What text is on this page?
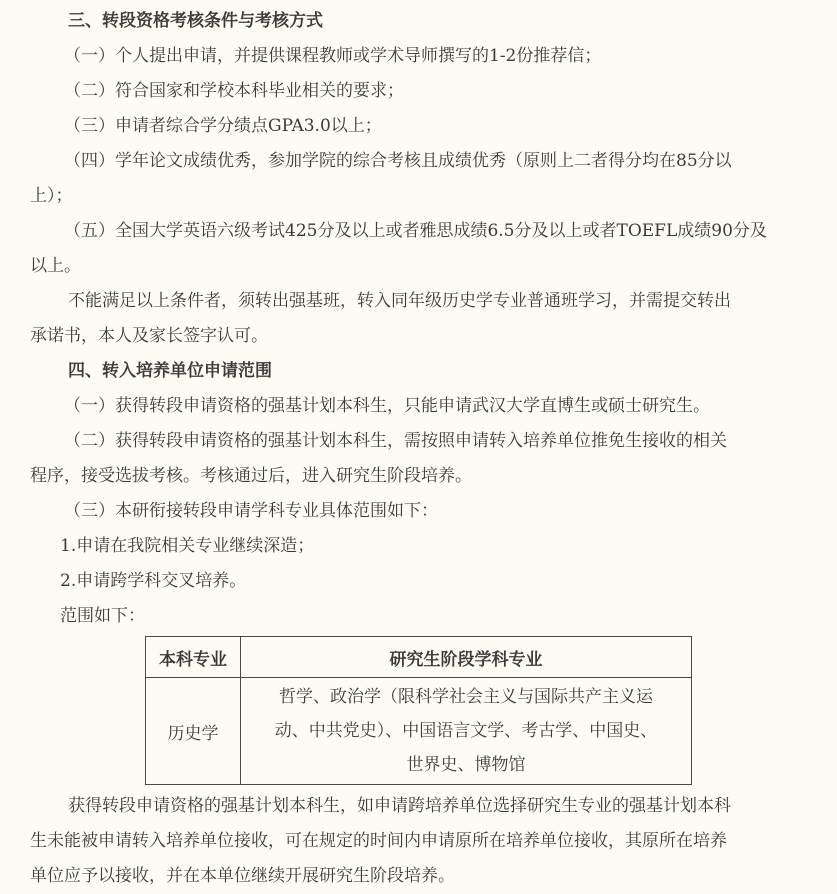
三、转段资格考核条件与考核方式
（一）个人提出申请，并提供课程教师或学术导师撰写的1-2份推荐信；
（二）符合国家和学校本科毕业相关的要求；
（三）申请者综合学分绩点GPA3.0以上；
（四）学年论文成绩优秀，参加学院的综合考核且成绩优秀（原则上二者得分均在85分以
上）；
（五）全国大学英语六级考试425分及以上或者雅思成绩6.5分及以上或者TOEFL成绩90分及
以上。
不能满足以上条件者，须转出强基班，转入同年级历史学专业普通班学习，并需提交转出
承诺书，本人及家长签字认可。
四、转入培养单位申请范围
（一）获得转段申请资格的强基计划本科生，只能申请武汉大学直博生或硕士研究生。
（二）获得转段申请资格的强基计划本科生，需按照申请转入培养单位推免生接收的相关
程序，接受选拔考核。考核通过后，进入研究生阶段培养。
（三）本研衔接转段申请学科专业具体范围如下：
1.申请在我院相关专业继续深造；
2.申请跨学科交叉培养。
范围如下：
本科专业	研究生阶段学科专业
历史学	哲学、政治学（限科学社会主义与国际共产主义运
动、中共党史）、中国语言文学、考古学、中国史、
世界史、博物馆
获得转段申请资格的强基计划本科生，如申请跨培养单位选择研究生专业的强基计划本科
生未能被申请转入培养单位接收，可在规定的时间内申请原所在培养单位接收，其原所在培养
单位应予以接收，并在本单位继续开展研究生阶段培养。
